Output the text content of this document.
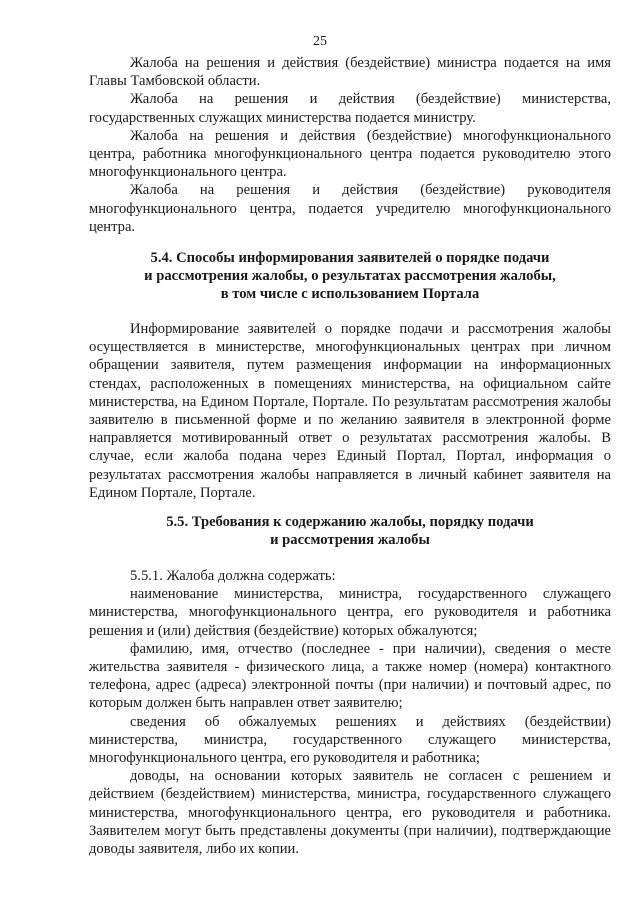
25

Жалоба на решения и действия (бездействие) министра подается на имя Главы Тамбовской области.

Жалоба на решения и действия (бездействие) министерства, государственных служащих министерства подается министру.

Жалоба на решения и действия (бездействие) многофункционального центра, работника многофункционального центра подается руководителю этого многофункционального центра.

Жалоба на решения и действия (бездействие) руководителя многофункционального центра, подается учредителю многофункционального центра.

5.4. Способы информирования заявителей о порядке подачи
и рассмотрения жалобы, о результатах рассмотрения жалобы,
в том числе с использованием Портала

Информирование заявителей о порядке подачи и рассмотрения жалобы осуществляется в министерстве, многофункциональных центрах при личном обращении заявителя, путем размещения информации на информационных стендах, расположенных в помещениях министерства, на официальном сайте министерства, на Едином Портале, Портале. По результатам рассмотрения жалобы заявителю в письменной форме и по желанию заявителя в электронной форме направляется мотивированный ответ о результатах рассмотрения жалобы. В случае, если жалоба подана через Единый Портал, Портал, информация о результатах рассмотрения жалобы направляется в личный кабинет заявителя на Едином Портале, Портале.

5.5. Требования к содержанию жалобы, порядку подачи
и рассмотрения жалобы

5.5.1. Жалоба должна содержать:

наименование министерства, министра, государственного служащего министерства, многофункционального центра, его руководителя и работника решения и (или) действия (бездействие) которых обжалуются;

фамилию, имя, отчество (последнее - при наличии), сведения о месте жительства заявителя - физического лица, а также номер (номера) контактного телефона, адрес (адреса) электронной почты (при наличии) и почтовый адрес, по которым должен быть направлен ответ заявителю;

сведения об обжалуемых решениях и действиях (бездействии) министерства, министра, государственного служащего министерства, многофункционального центра, его руководителя и работника;

доводы, на основании которых заявитель не согласен с решением и действием (бездействием) министерства, министра, государственного служащего министерства, многофункционального центра, его руководителя и работника. Заявителем могут быть представлены документы (при наличии), подтверждающие доводы заявителя, либо их копии.
